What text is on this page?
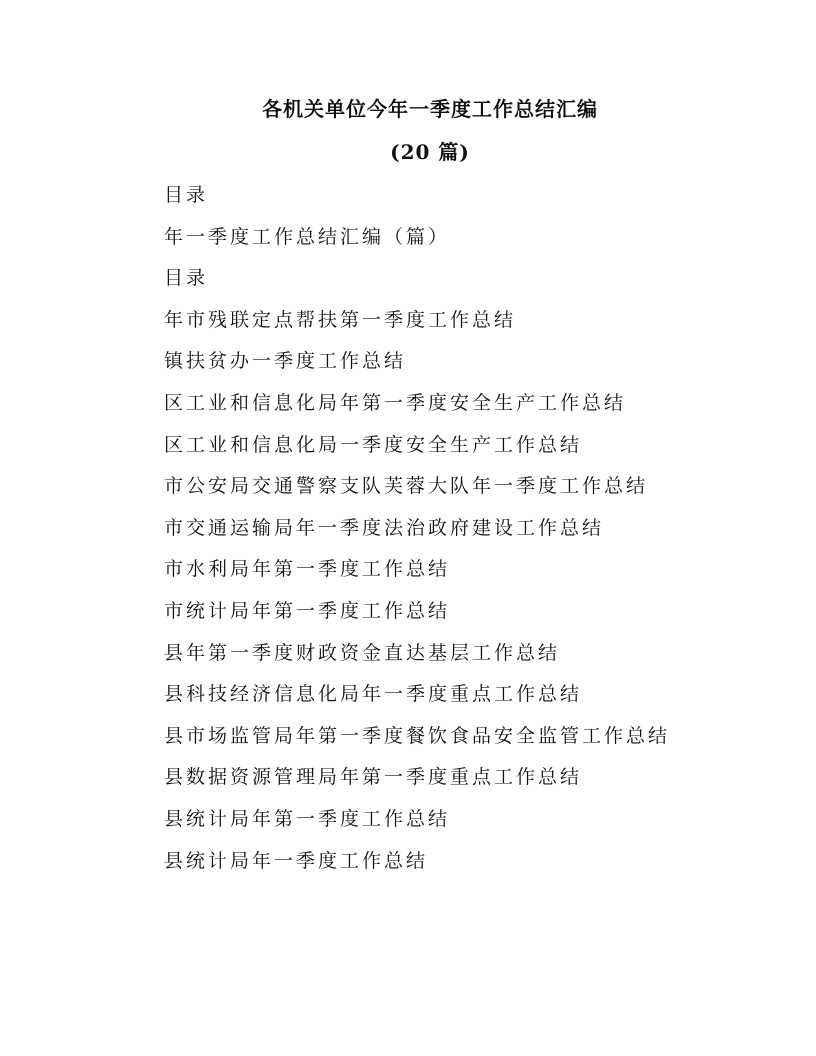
各机关单位今年一季度工作总结汇编
(20 篇)
目录
年一季度工作总结汇编（篇）
目录
年市残联定点帮扶第一季度工作总结
镇扶贫办一季度工作总结
区工业和信息化局年第一季度安全生产工作总结
区工业和信息化局一季度安全生产工作总结
市公安局交通警察支队芙蓉大队年一季度工作总结
市交通运输局年一季度法治政府建设工作总结
市水利局年第一季度工作总结
市统计局年第一季度工作总结
县年第一季度财政资金直达基层工作总结
县科技经济信息化局年一季度重点工作总结
县市场监管局年第一季度餐饮食品安全监管工作总结
县数据资源管理局年第一季度重点工作总结
县统计局年第一季度工作总结
县统计局年一季度工作总结
